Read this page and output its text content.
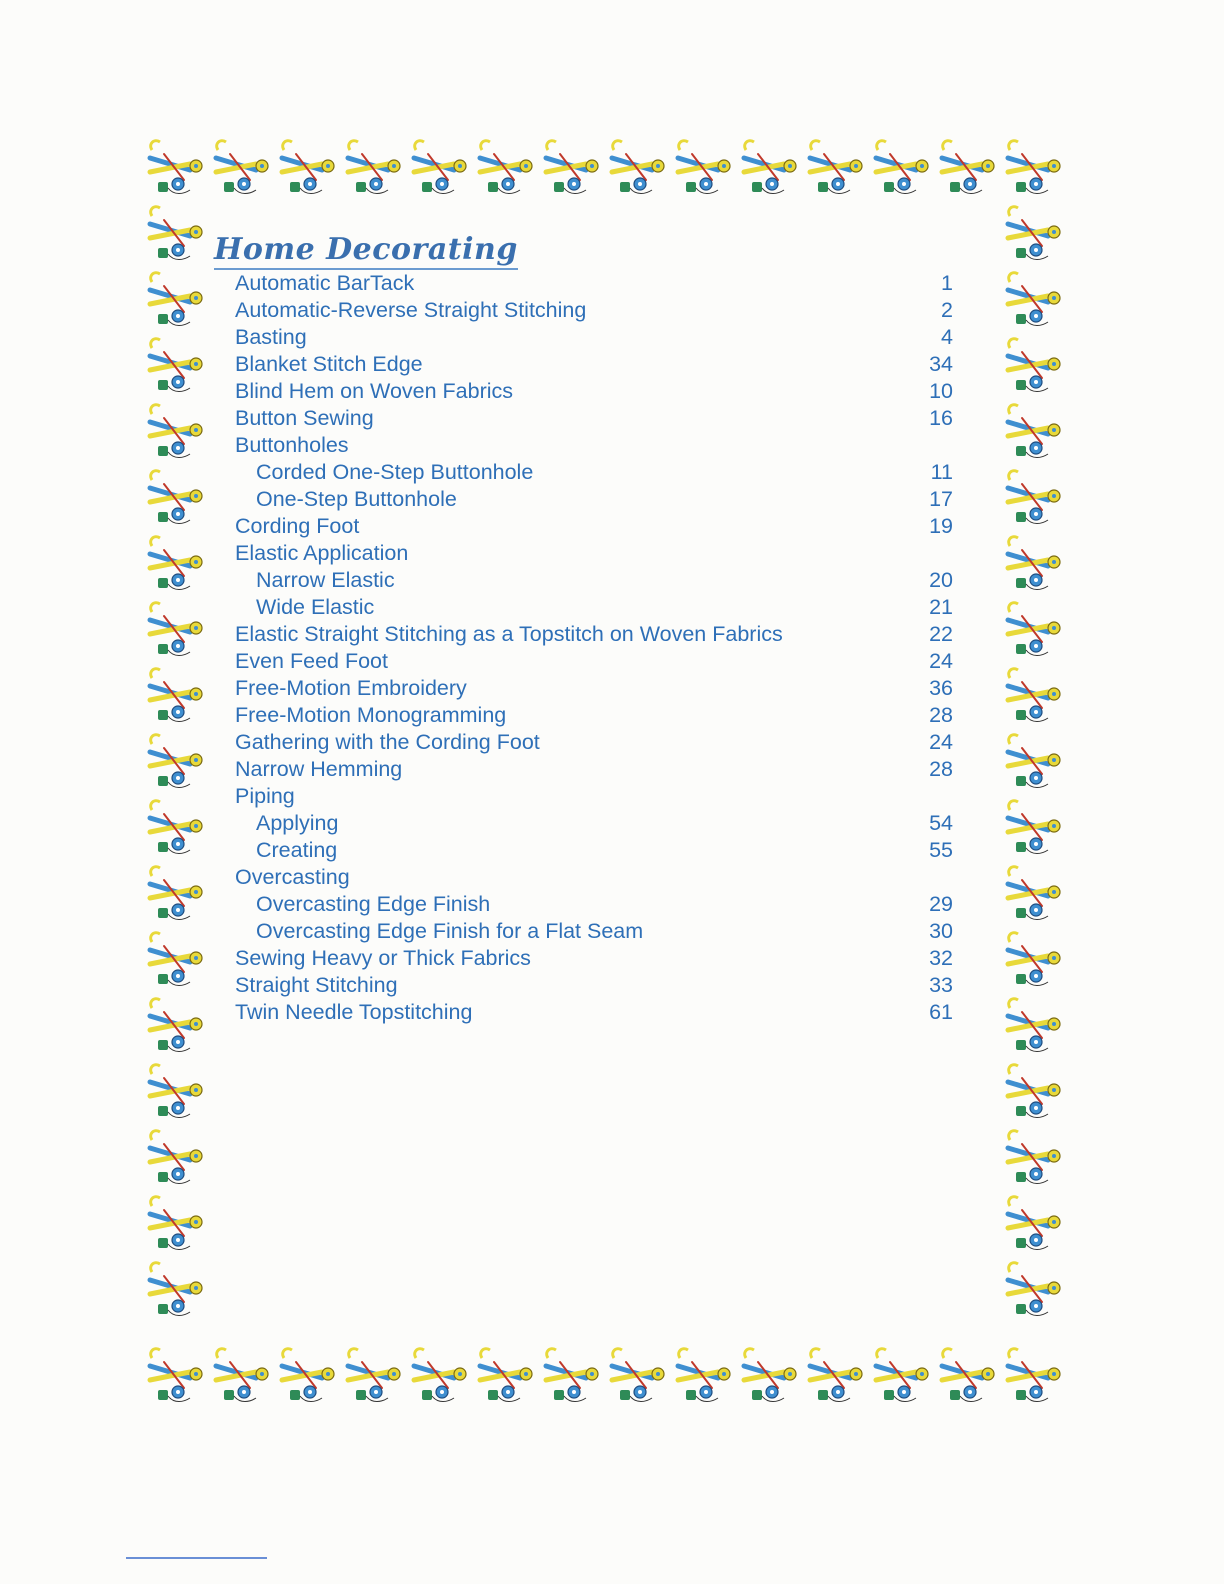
Home Decorating
Automatic BarTack	1
Automatic-Reverse Straight Stitching	2
Basting	4
Blanket Stitch Edge	34
Blind Hem on Woven Fabrics	10
Button Sewing	16
Buttonholes
Corded One-Step Buttonhole	11
One-Step Buttonhole	17
Cording Foot	19
Elastic Application
Narrow Elastic	20
Wide Elastic	21
Elastic Straight Stitching as a Topstitch on Woven Fabrics	22
Even Feed Foot	24
Free-Motion Embroidery	36
Free-Motion Monogramming	28
Gathering with the Cording Foot	24
Narrow Hemming	28
Piping
Applying	54
Creating	55
Overcasting
Overcasting Edge Finish	29
Overcasting Edge Finish for a Flat Seam	30
Sewing Heavy or Thick Fabrics	32
Straight Stitching	33
Twin Needle Topstitching	61
